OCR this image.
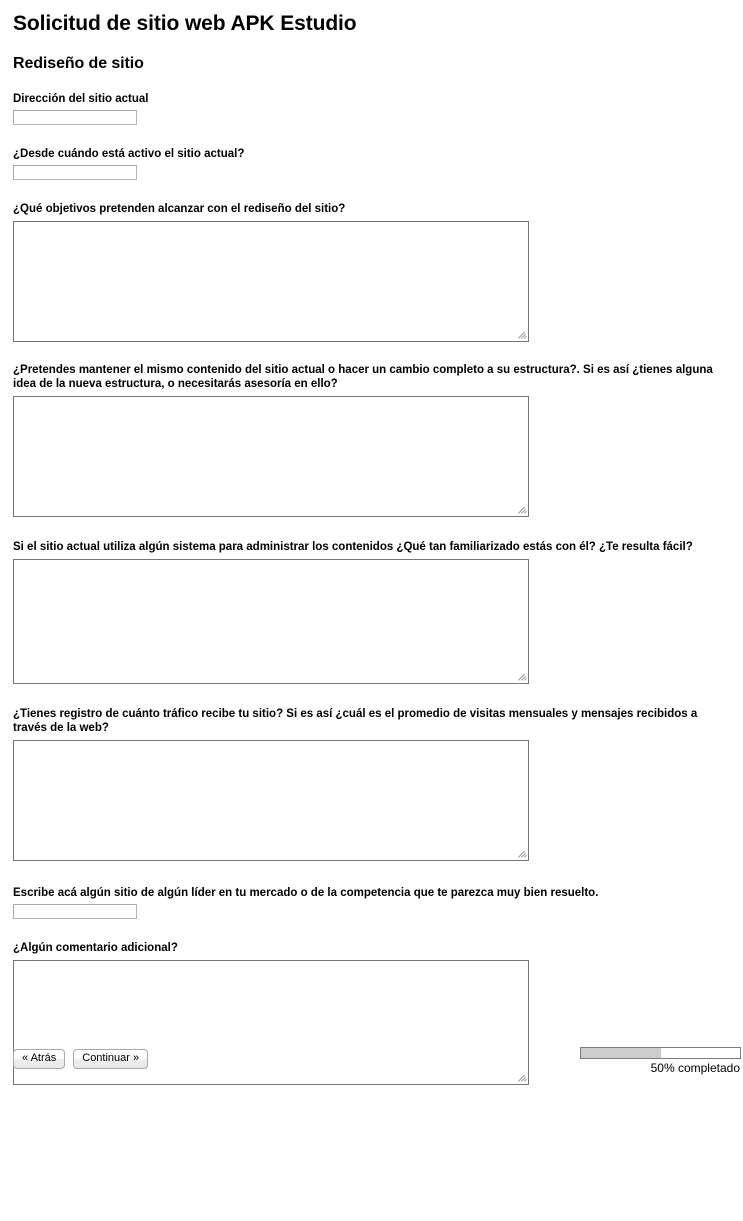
Solicitud de sitio web APK Estudio
Rediseño de sitio
Dirección del sitio actual
¿Desde cuándo está activo el sitio actual?
¿Qué objetivos pretenden alcanzar con el rediseño del sitio?
¿Pretendes mantener el mismo contenido del sitio actual o hacer un cambio completo a su estructura?. Si es así ¿tienes alguna idea de la nueva estructura, o necesitarás asesoría en ello?
Si el sitio actual utiliza algún sistema para administrar los contenidos ¿Qué tan familiarizado estás con él? ¿Te resulta fácil?
¿Tienes registro de cuánto tráfico recibe tu sitio? Si es así ¿cuál es el promedio de visitas mensuales y mensajes recibidos a través de la web?
Escribe acá algún sitio de algún líder en tu mercado o de la competencia que te parezca muy bien resuelto.
¿Algún comentario adicional?
« Atrás	Continuar »
50% completado
